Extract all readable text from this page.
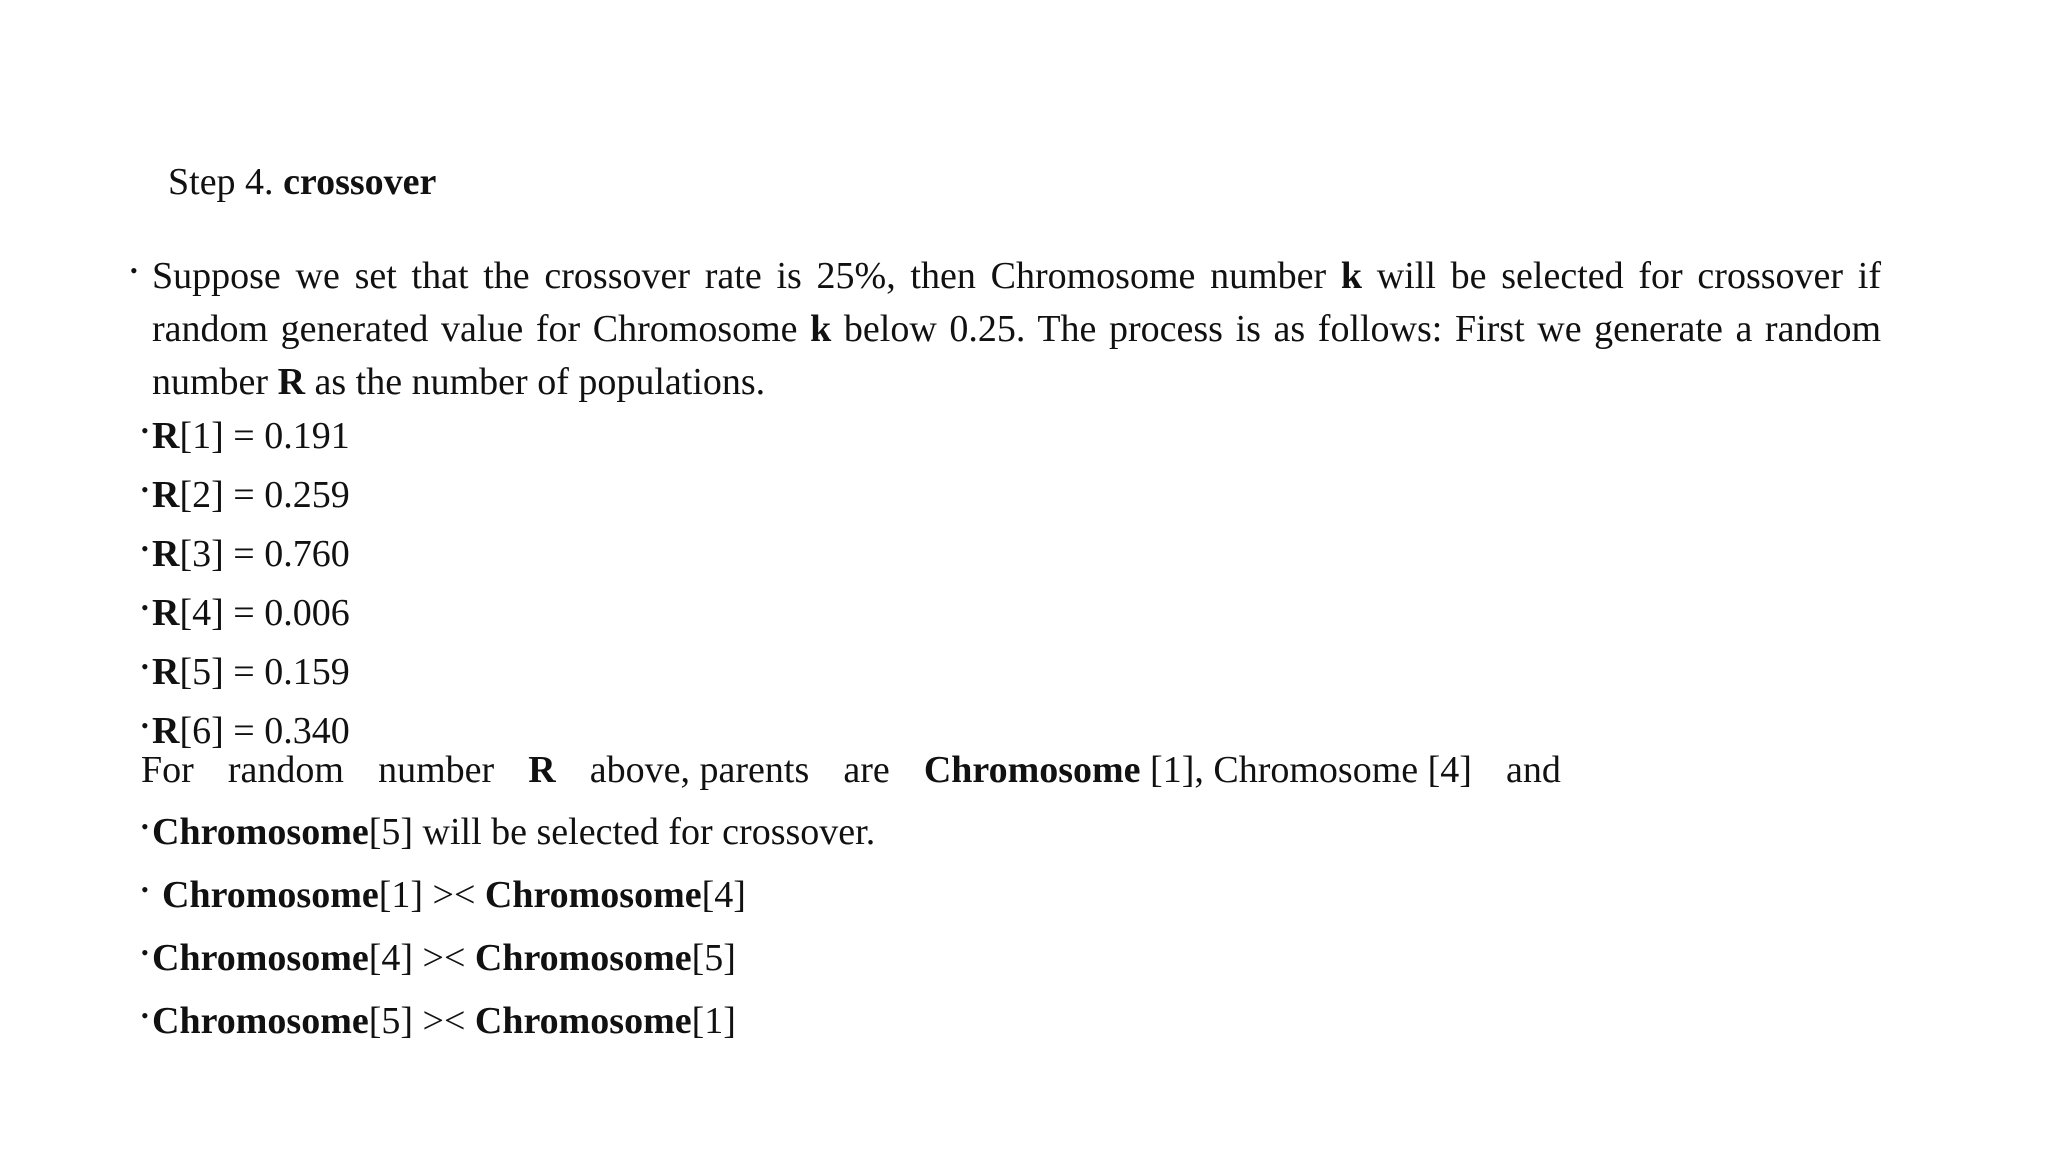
Step 4. crossover
• Suppose we set that the crossover rate is 25%, then Chromosome number k will be selected for crossover if random generated value for Chromosome k below 0.25. The process is as follows: First we generate a random number R as the number of populations.
•R[1] = 0.191
•R[2] = 0.259
•R[3] = 0.760
•R[4] = 0.006
•R[5] = 0.159
•R[6] = 0.340
For random number R above, parents are Chromosome [1], Chromosome [4] and
•Chromosome[5] will be selected for crossover.
• Chromosome[1] >< Chromosome[4]
•Chromosome[4] >< Chromosome[5]
•Chromosome[5] >< Chromosome[1]
